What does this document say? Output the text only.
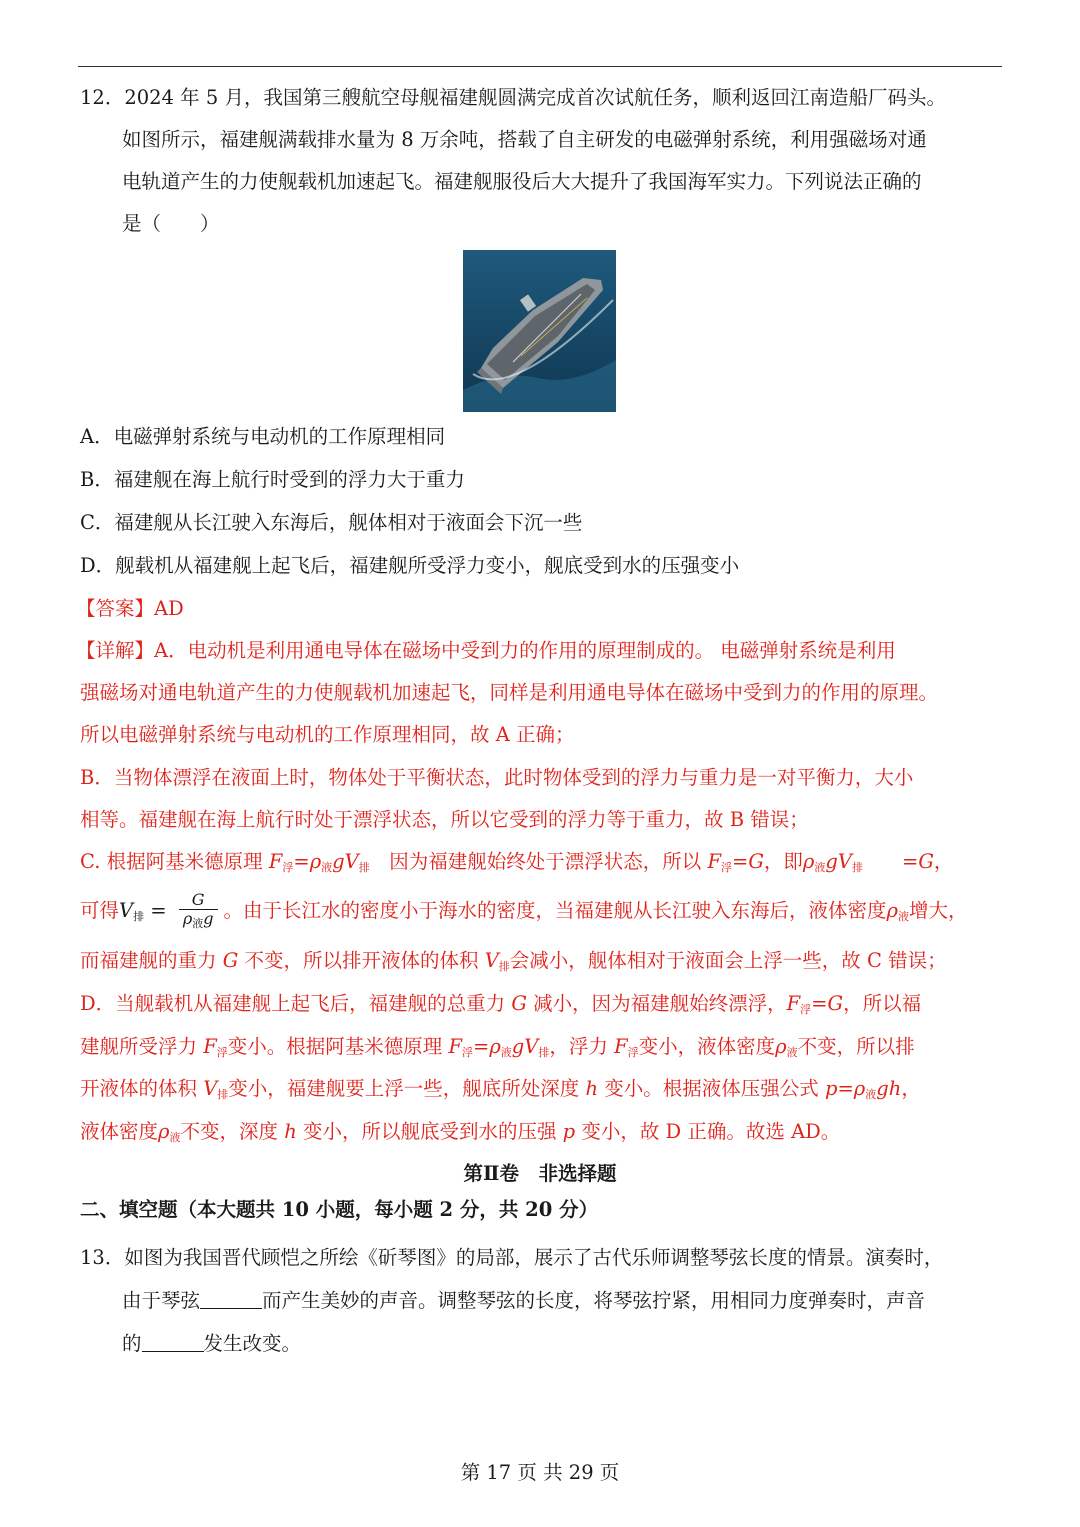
12．2024 年 5 月，我国第三艘航空母舰福建舰圆满完成首次试航任务，顺利返回江南造船厂码头。
如图所示，福建舰满载排水量为 8 万余吨，搭载了自主研发的电磁弹射系统，利用强磁场对通
电轨道产生的力使舰载机加速起飞。福建舰服役后大大提升了我国海军实力。下列说法正确的
是（　　）
A．电磁弹射系统与电动机的工作原理相同
B．福建舰在海上航行时受到的浮力大于重力
C．福建舰从长江驶入东海后，舰体相对于液面会下沉一些
D．舰载机从福建舰上起飞后，福建舰所受浮力变小，舰底受到水的压强变小
【答案】AD
【详解】A．电动机是利用通电导体在磁场中受到力的作用的原理制成的。 电磁弹射系统是利用
强磁场对通电轨道产生的力使舰载机加速起飞，同样是利用通电导体在磁场中受到力的作用的原理。
所以电磁弹射系统与电动机的工作原理相同，故 A 正确；
B．当物体漂浮在液面上时，物体处于平衡状态，此时物体受到的浮力与重力是一对平衡力，大小
相等。福建舰在海上航行时处于漂浮状态，所以它受到的浮力等于重力，故 B 错误；
C. 根据阿基米德原理 $F_浮=\rho_液gV_排$　因为福建舰始终处于漂浮状态，所以 $F_浮=G$，即$\rho_液gV_排$　　=G，
可得$V_排 = \frac{G}{\rho_液g}$ 。由于长江水的密度小于海水的密度，当福建舰从长江驶入东海后，液体密度$\rho_液$增大，
而福建舰的重力 G 不变，所以排开液体的体积 $V_排$会减小，舰体相对于液面会上浮一些，故 C 错误；
D．当舰载机从福建舰上起飞后，福建舰的总重力 G 减小，因为福建舰始终漂浮，$F_浮=G$，所以福
建舰所受浮力 $F_浮$变小。根据阿基米德原理 $F_浮=\rho_液gV_排$，浮力 $F_浮$变小，液体密度$\rho_液$不变，所以排
开液体的体积 $V_排$变小，福建舰要上浮一些，舰底所处深度 h 变小。根据液体压强公式 $p=\rho_液gh$，
液体密度$\rho_液$不变，深度 h 变小，所以舰底受到水的压强 p 变小，故 D 正确。故选 AD。
第Ⅱ卷　非选择题
二、填空题（本大题共 10 小题，每小题 2 分，共 20 分）
13．如图为我国晋代顾恺之所绘《斫琴图》的局部，展示了古代乐师调整琴弦长度的情景。演奏时，
由于琴弦	而产生美妙的声音。调整琴弦的长度，将琴弦拧紧，用相同力度弹奏时，声音
的	发生改变。
第 17 页 共 29 页
